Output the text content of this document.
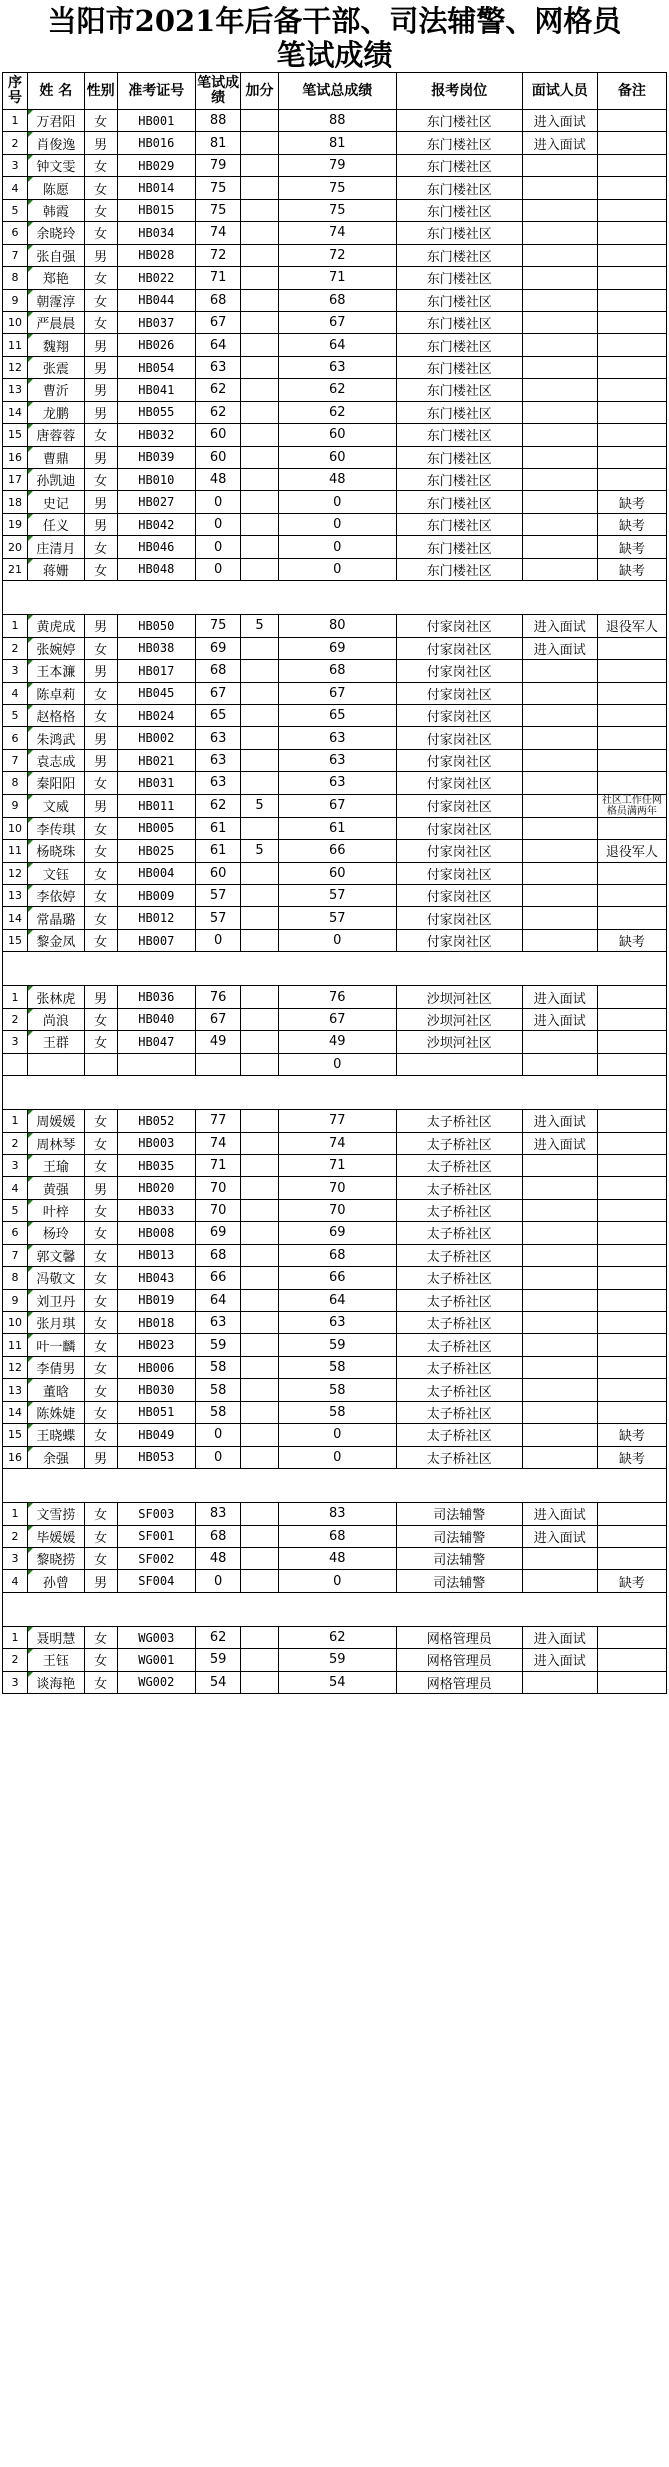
当阳市2021年后备干部、司法辅警、网格员
笔试成绩
序号	姓 名	性别	准考证号	笔试成绩	加分	笔试总成绩	报考岗位	面试人员	备注
1	万君阳	女	HB001	88		88	东门楼社区	进入面试	
2	肖俊逸	男	HB016	81		81	东门楼社区	进入面试	
3	钟文雯	女	HB029	79		79	东门楼社区		
4	陈愿	女	HB014	75		75	东门楼社区		
5	韩霞	女	HB015	75		75	东门楼社区		
6	余晓玲	女	HB034	74		74	东门楼社区		
7	张自强	男	HB028	72		72	东门楼社区		
8	郑艳	女	HB022	71		71	东门楼社区		
9	朝霪淳	女	HB044	68		68	东门楼社区		
10	严晨晨	女	HB037	67		67	东门楼社区		
11	魏翔	男	HB026	64		64	东门楼社区		
12	张震	男	HB054	63		63	东门楼社区		
13	曹沂	男	HB041	62		62	东门楼社区		
14	龙鹏	男	HB055	62		62	东门楼社区		
15	唐蓉蓉	女	HB032	60		60	东门楼社区		
16	曹鼎	男	HB039	60		60	东门楼社区		
17	孙凯迪	女	HB010	48		48	东门楼社区		
18	史记	男	HB027	0		0	东门楼社区		缺考
19	任义	男	HB042	0		0	东门楼社区		缺考
20	庄清月	女	HB046	0		0	东门楼社区		缺考
21	蒋姗	女	HB048	0		0	东门楼社区		缺考

1	黄虎成	男	HB050	75	5	80	付家岗社区	进入面试	退役军人
2	张婉婷	女	HB038	69		69	付家岗社区	进入面试	
3	王本濂	男	HB017	68		68	付家岗社区		
4	陈卓莉	女	HB045	67		67	付家岗社区		
5	赵格格	女	HB024	65		65	付家岗社区		
6	朱鸿武	男	HB002	63		63	付家岗社区		
7	袁志成	男	HB021	63		63	付家岗社区		
8	秦阳阳	女	HB031	63		63	付家岗社区		
9	文威	男	HB011	62	5	67	付家岗社区		社区工作任网格员满两年
10	李传琪	女	HB005	61		61	付家岗社区		
11	杨晓珠	女	HB025	61	5	66	付家岗社区		退役军人
12	文钰	女	HB004	60		60	付家岗社区		
13	李依婷	女	HB009	57		57	付家岗社区		
14	常晶璐	女	HB012	57		57	付家岗社区		
15	黎金凤	女	HB007	0		0	付家岗社区		缺考

1	张林虎	男	HB036	76		76	沙坝河社区	进入面试	
2	尚浪	女	HB040	67		67	沙坝河社区	进入面试	
3	王群	女	HB047	49		49	沙坝河社区		
						0			

1	周媛媛	女	HB052	77		77	太子桥社区	进入面试	
2	周林琴	女	HB003	74		74	太子桥社区	进入面试	
3	王瑜	女	HB035	71		71	太子桥社区		
4	黄强	男	HB020	70		70	太子桥社区		
5	叶梓	女	HB033	70		70	太子桥社区		
6	杨玲	女	HB008	69		69	太子桥社区		
7	郭文馨	女	HB013	68		68	太子桥社区		
8	冯敬文	女	HB043	66		66	太子桥社区		
9	刘卫丹	女	HB019	64		64	太子桥社区		
10	张月琪	女	HB018	63		63	太子桥社区		
11	叶一麟	女	HB023	59		59	太子桥社区		
12	李倩男	女	HB006	58		58	太子桥社区		
13	董晗	女	HB030	58		58	太子桥社区		
14	陈姝婕	女	HB051	58		58	太子桥社区		
15	王晓蝶	女	HB049	0		0	太子桥社区		缺考
16	余强	男	HB053	0		0	太子桥社区		缺考

1	文雪捞	女	SF003	83		83	司法辅警	进入面试	
2	毕媛媛	女	SF001	68		68	司法辅警	进入面试	
3	黎晓捞	女	SF002	48		48	司法辅警		
4	孙曾	男	SF004	0		0	司法辅警		缺考

1	聂明慧	女	WG003	62		62	网格管理员	进入面试	
2	王钰	女	WG001	59		59	网格管理员	进入面试	
3	谈海艳	女	WG002	54		54	网格管理员		
